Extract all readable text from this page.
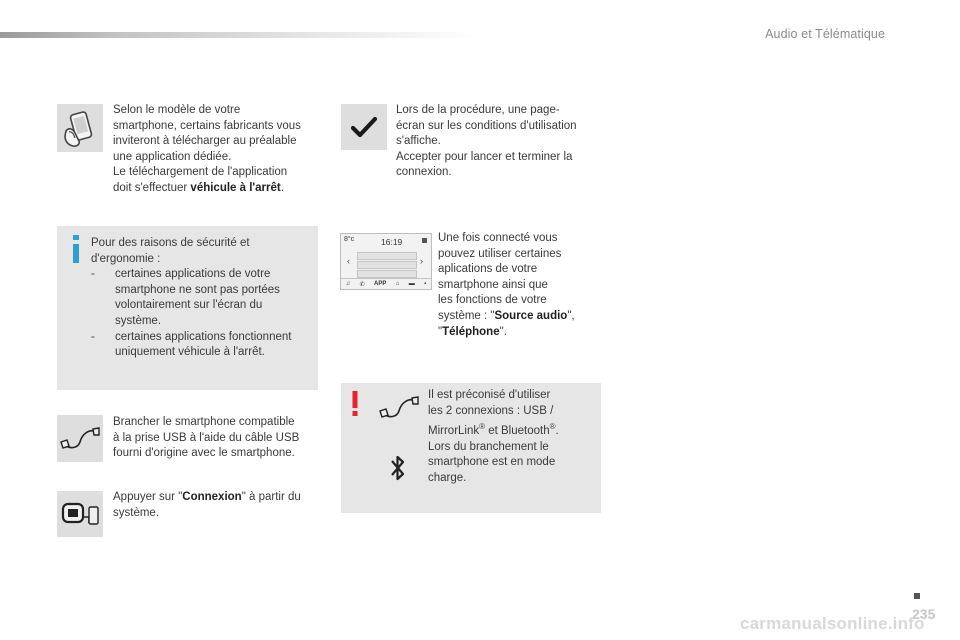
Audio et Télématique

Selon le modèle de votre

smartphone, certains fabricants vous

inviteront à télécharger au préalable

une application dédiée.

Le téléchargement de l'application

doit s'effectuer véhicule à l'arrêt.

Lors de la procédure, une page-

écran sur les conditions d'utilisation

s'affiche.

Accepter pour lancer et terminer la

connexion.

Pour des raisons de sécurité et

d'ergonomie :

-	certaines applications de votre

smartphone ne sont pas portées

volontairement sur l'écran du

système.

-	certaines applications fonctionnent

uniquement véhicule à l'arrêt.

8°c	16:19
‹	›
♫ ✆ APP ⌂ ▬ ▪

Une fois connecté vous

pouvez utiliser certaines

aplications de votre

smartphone ainsi que

les fonctions de votre

système : "Source audio",

"Téléphone".

Il est préconisé d'utiliser

les 2 connexions : USB /

MirrorLink® et Bluetooth®.

Lors du branchement le

smartphone est en mode

charge.

Brancher le smartphone compatible

à la prise USB à l'aide du câble USB

fourni d'origine avec le smartphone.

Appuyer sur "Connexion" à partir du

système.

235
carmanualsonline.info
